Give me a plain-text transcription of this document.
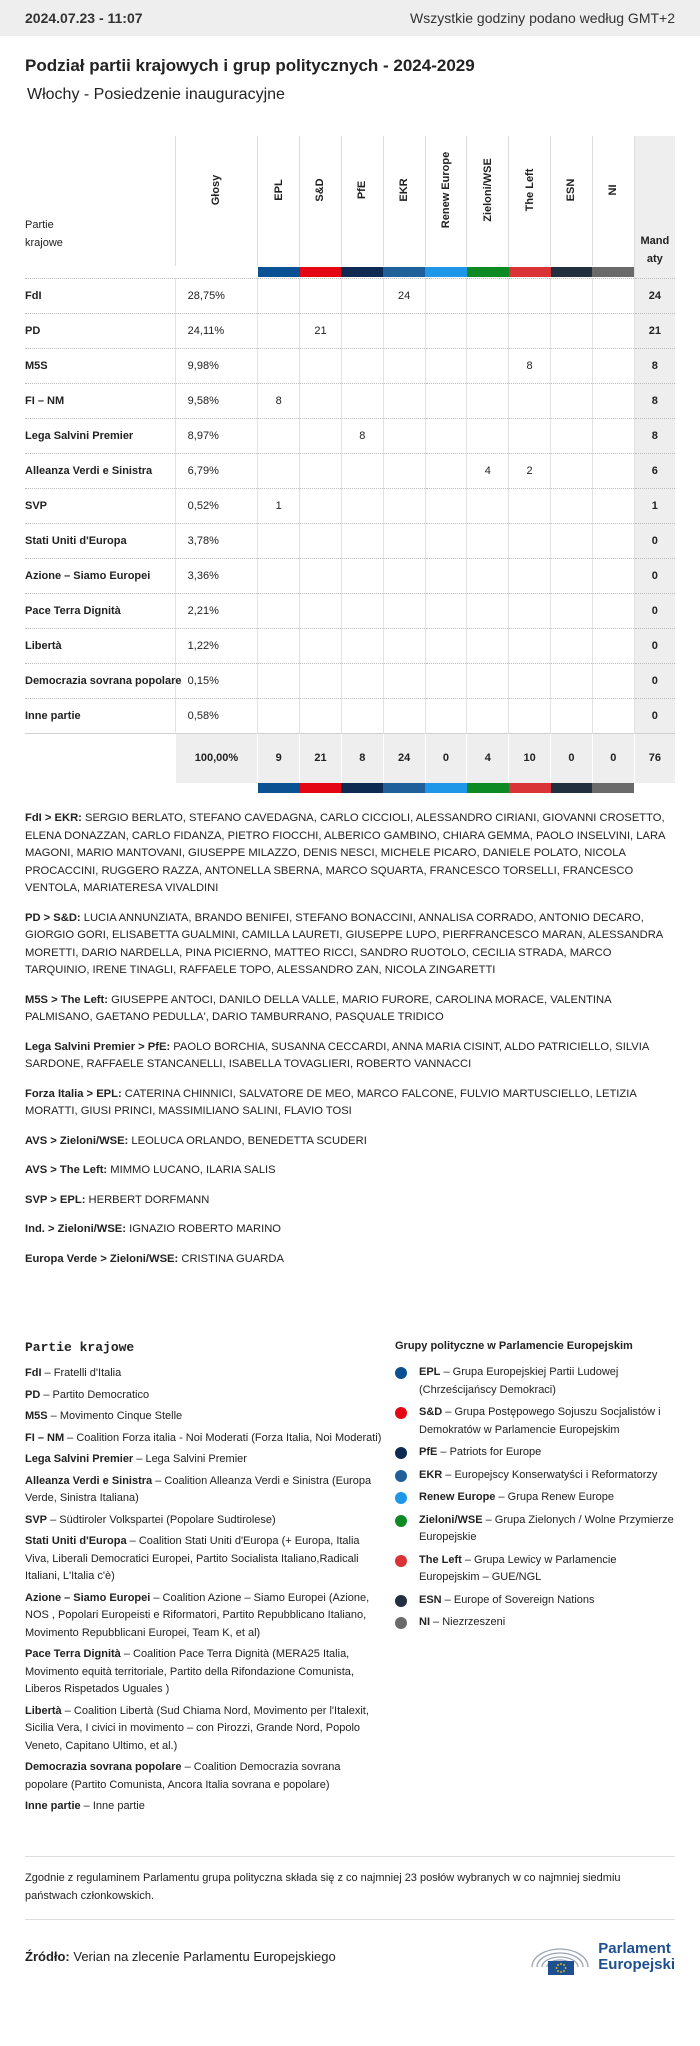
2024.07.23 - 11:07	Wszystkie godziny podano według GMT+2
Podział partii krajowych i grup politycznych - 2024-2029
Włochy - Posiedzenie inauguracyjne
Partie krajowe	Głosy	EPL	S&D	PfE	EKR	Renew Europe	Zieloni/WSE	The Left	ESN	NI	Mandaty

FdI	28,75%				24						24
PD	24,11%		21								21
M5S	9,98%							8			8
FI – NM	9,58%	8									8
Lega Salvini Premier	8,97%			8							8
Alleanza Verdi e Sinistra	6,79%						4	2			6
SVP	0,52%	1									1
Stati Uniti d'Europa	3,78%										0
Azione – Siamo Europei	3,36%										0
Pace Terra Dignità	2,21%										0
Libertà	1,22%										0
Democrazia sovrana popolare	0,15%										0
Inne partie	0,58%										0
	100,00%	9	21	8	24	0	4	10	0	0	76

FdI > EKR: SERGIO BERLATO, STEFANO CAVEDAGNA, CARLO CICCIOLI, ALESSANDRO CIRIANI, GIOVANNI CROSETTO, ELENA DONAZZAN, CARLO FIDANZA, PIETRO FIOCCHI, ALBERICO GAMBINO, CHIARA GEMMA, PAOLO INSELVINI, LARA MAGONI, MARIO MANTOVANI, GIUSEPPE MILAZZO, DENIS NESCI, MICHELE PICARO, DANIELE POLATO, NICOLA PROCACCINI, RUGGERO RAZZA, ANTONELLA SBERNA, MARCO SQUARTA, FRANCESCO TORSELLI, FRANCESCO VENTOLA, MARIATERESA VIVALDINI

PD > S&D: LUCIA ANNUNZIATA, BRANDO BENIFEI, STEFANO BONACCINI, ANNALISA CORRADO, ANTONIO DECARO, GIORGIO GORI, ELISABETTA GUALMINI, CAMILLA LAURETI, GIUSEPPE LUPO, PIERFRANCESCO MARAN, ALESSANDRA MORETTI, DARIO NARDELLA, PINA PICIERNO, MATTEO RICCI, SANDRO RUOTOLO, CECILIA STRADA, MARCO TARQUINIO, IRENE TINAGLI, RAFFAELE TOPO, ALESSANDRO ZAN, NICOLA ZINGARETTI

M5S > The Left: GIUSEPPE ANTOCI, DANILO DELLA VALLE, MARIO FURORE, CAROLINA MORACE, VALENTINA PALMISANO, GAETANO PEDULLA', DARIO TAMBURRANO, PASQUALE TRIDICO

Lega Salvini Premier > PfE: PAOLO BORCHIA, SUSANNA CECCARDI, ANNA MARIA CISINT, ALDO PATRICIELLO, SILVIA SARDONE, RAFFAELE STANCANELLI, ISABELLA TOVAGLIERI, ROBERTO VANNACCI

Forza Italia > EPL: CATERINA CHINNICI, SALVATORE DE MEO, MARCO FALCONE, FULVIO MARTUSCIELLO, LETIZIA MORATTI, GIUSI PRINCI, MASSIMILIANO SALINI, FLAVIO TOSI

AVS > Zieloni/WSE: LEOLUCA ORLANDO, BENEDETTA SCUDERI

AVS > The Left: MIMMO LUCANO, ILARIA SALIS

SVP > EPL: HERBERT DORFMANN

Ind. > Zieloni/WSE: IGNAZIO ROBERTO MARINO

Europa Verde > Zieloni/WSE: CRISTINA GUARDA

Partie krajowe
FdI – Fratelli d'Italia
PD – Partito Democratico
M5S – Movimento Cinque Stelle
FI – NM – Coalition Forza italia - Noi Moderati (Forza Italia, Noi Moderati)
Lega Salvini Premier – Lega Salvini Premier
Alleanza Verdi e Sinistra – Coalition Alleanza Verdi e Sinistra (Europa Verde, Sinistra Italiana)
SVP – Südtiroler Volkspartei (Popolare Sudtirolese)
Stati Uniti d'Europa – Coalition Stati Uniti d'Europa (+ Europa, Italia Viva, Liberali Democratici Europei, Partito Socialista Italiano,Radicali Italiani, L'Italia c'è)
Azione – Siamo Europei – Coalition Azione – Siamo Europei (Azione, NOS , Popolari Europeisti e Riformatori, Partito Repubblicano Italiano, Movimento Repubblicani Europei, Team K, et al)
Pace Terra Dignità – Coalition Pace Terra Dignità (MERA25 Italia, Movimento equità territoriale, Partito della Rifondazione Comunista, Liberos Rispetados Uguales )
Libertà – Coalition Libertà (Sud Chiama Nord, Movimento per l'Italexit, Sicilia Vera, I civici in movimento – con Pirozzi, Grande Nord, Popolo Veneto, Capitano Ultimo, et al.)
Democrazia sovrana popolare – Coalition Democrazia sovrana popolare (Partito Comunista, Ancora Italia sovrana e popolare)
Inne partie – Inne partie
Grupy polityczne w Parlamencie Europejskim
EPL – Grupa Europejskiej Partii Ludowej (Chrześcijańscy Demokraci)
S&D – Grupa Postępowego Sojuszu Socjalistów i Demokratów w Parlamencie Europejskim
PfE – Patriots for Europe
EKR – Europejscy Konserwatyści i Reformatorzy
Renew Europe – Grupa Renew Europe
Zieloni/WSE – Grupa Zielonych / Wolne Przymierze Europejskie
The Left – Grupa Lewicy w Parlamencie Europejskim – GUE/NGL
ESN – Europe of Sovereign Nations
NI – Niezrzeszeni
Zgodnie z regulaminem Parlamentu grupa polityczna składa się z co najmniej 23 posłów wybranych w co najmniej siedmiu państwach członkowskich.
Źródło: Verian na zlecenie Parlamentu Europejskiego	Parlament
Europejski
